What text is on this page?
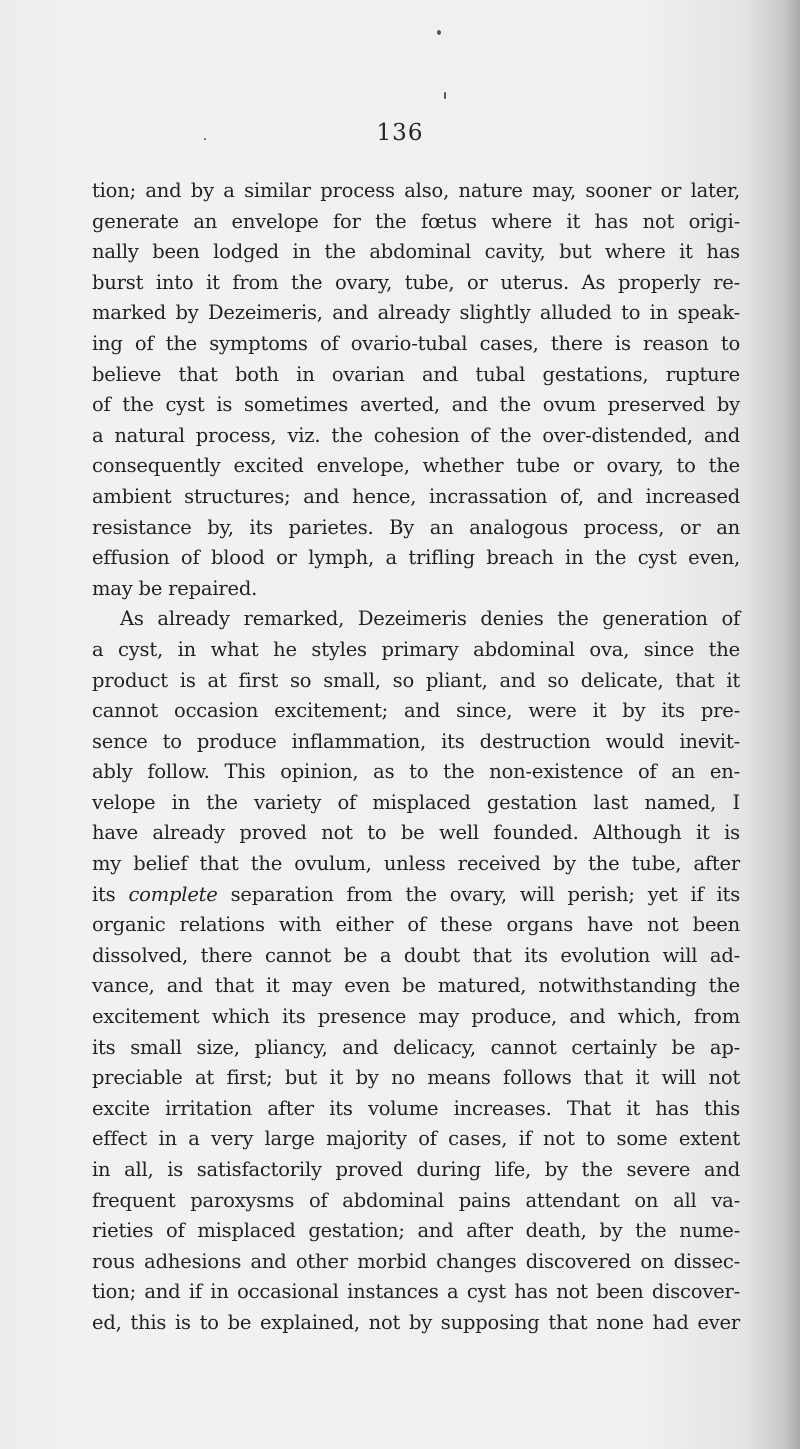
136
tion; and by a similar process also, nature may, sooner or later,
generate an envelope for the fœtus where it has not origi-
nally been lodged in the abdominal cavity, but where it has
burst into it from the ovary, tube, or uterus. As properly re-
marked by Dezeimeris, and already slightly alluded to in speak-
ing of the symptoms of ovario-tubal cases, there is reason to
believe that both in ovarian and tubal gestations, rupture
of the cyst is sometimes averted, and the ovum preserved by
a natural process, viz. the cohesion of the over-distended, and
consequently excited envelope, whether tube or ovary, to the
ambient structures; and hence, incrassation of, and increased
resistance by, its parietes. By an analogous process, or an
effusion of blood or lymph, a trifling breach in the cyst even,
may be repaired.
As already remarked, Dezeimeris denies the generation of
a cyst, in what he styles primary abdominal ova, since the
product is at first so small, so pliant, and so delicate, that it
cannot occasion excitement; and since, were it by its pre-
sence to produce inflammation, its destruction would inevit-
ably follow. This opinion, as to the non-existence of an en-
velope in the variety of misplaced gestation last named, I
have already proved not to be well founded. Although it is
my belief that the ovulum, unless received by the tube, after
its complete separation from the ovary, will perish; yet if its
organic relations with either of these organs have not been
dissolved, there cannot be a doubt that its evolution will ad-
vance, and that it may even be matured, notwithstanding the
excitement which its presence may produce, and which, from
its small size, pliancy, and delicacy, cannot certainly be ap-
preciable at first; but it by no means follows that it will not
excite irritation after its volume increases. That it has this
effect in a very large majority of cases, if not to some extent
in all, is satisfactorily proved during life, by the severe and
frequent paroxysms of abdominal pains attendant on all va-
rieties of misplaced gestation; and after death, by the nume-
rous adhesions and other morbid changes discovered on dissec-
tion; and if in occasional instances a cyst has not been discover-
ed, this is to be explained, not by supposing that none had ever
